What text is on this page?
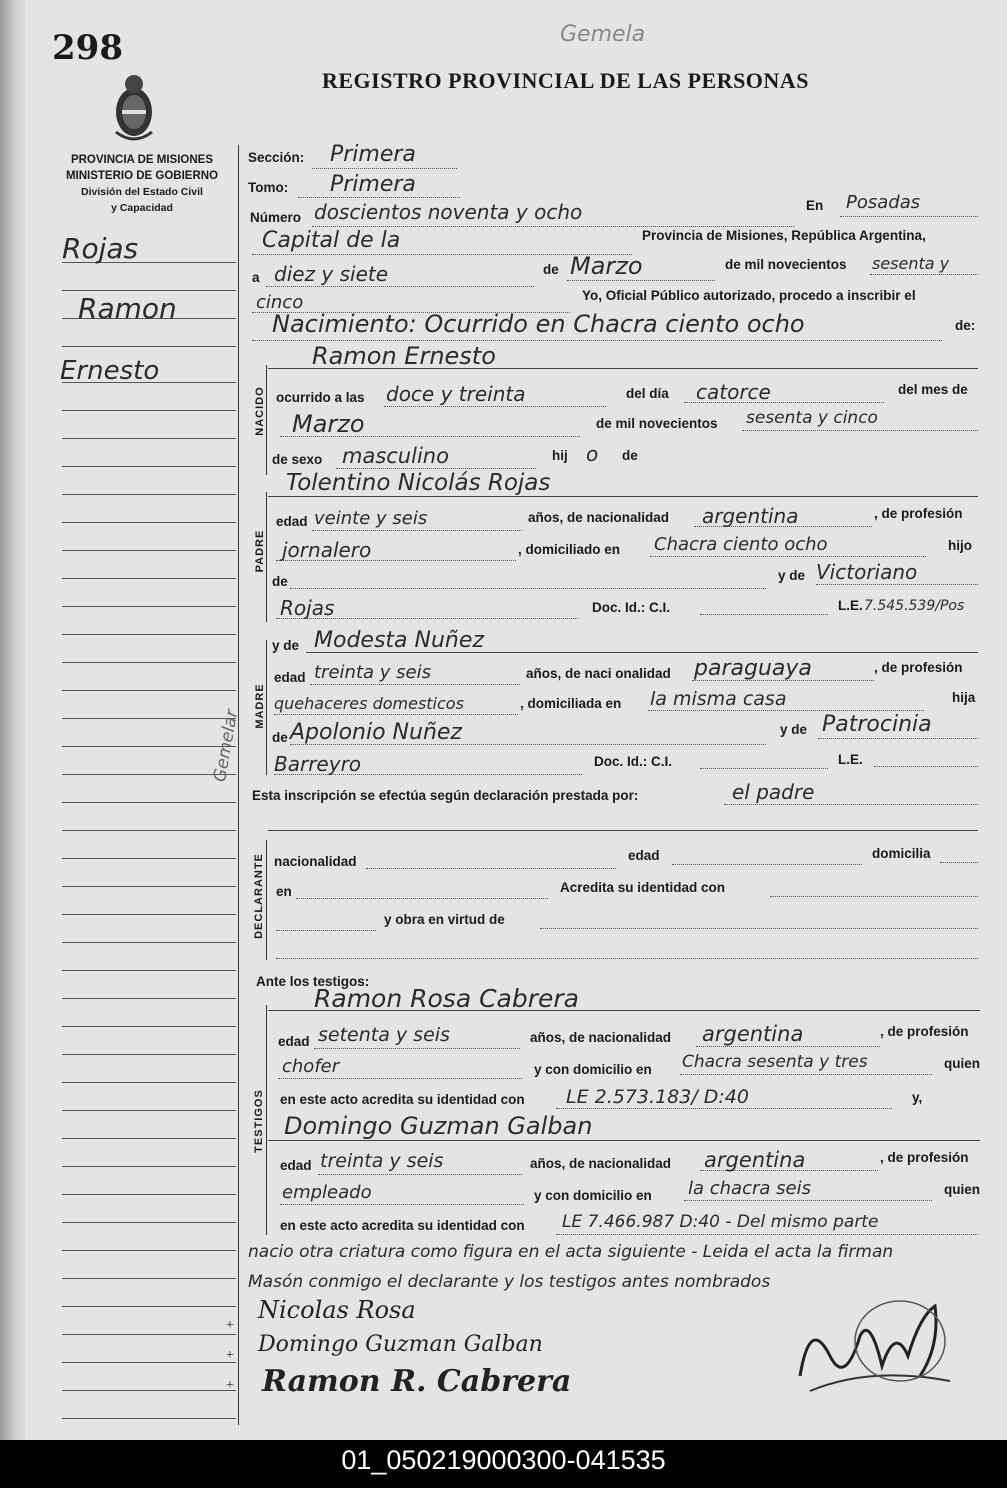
298	Gemela
REGISTRO PROVINCIAL DE LAS PERSONAS
PROVINCIA DE MISIONES
MINISTERIO DE GOBIERNO
División del Estado Civil
y Capacidad
NACIDO
PADRE
MADRE
DECLARANTE
TESTIGOS
Rojas
Ramon
Ernesto
Gemelar
Sección: Primera
Tomo: Primera
Número doscientos noventa y ocho	En Posadas
Capital de la	Provincia de Misiones, República Argentina,
a diez y siete	de Marzo	de mil novecientos sesenta y
cinco	Yo, Oficial Público autorizado, procedo a inscribir el
Nacimiento: Ocurrido en Chacra ciento ocho	de:
Ramon Ernesto
ocurrido a las doce y treinta	del día catorce	del mes de
Marzo	de mil novecientos sesenta y cinco
de sexo masculino	hij o de
Tolentino Nicolás Rojas
edad veinte y seis	años, de nacionalidad argentina	, de profesión
jornalero	, domiciliado en Chacra ciento ocho	hijo
de	y de Victoriano
Rojas	Doc. Id.: C.I.	L.E. 7.545.539/Pos
y de Modesta Nuñez
edad treinta y seis	años, de naci onalidad paraguaya	, de profesión
quehaceres domesticos	, domiciliada en la misma casa	hija
de Apolonio Nuñez	y de Patrocinia
Barreyro	Doc. Id.: C.I.	L.E.
Esta inscripción se efectúa según declaración prestada por:	el padre
nacionalidad	edad	domicilia
en	Acredita su identidad con
y obra en virtud de
Ante los testigos:
Ramon Rosa Cabrera
edad setenta y seis	años, de nacionalidad argentina	, de profesión
chofer	y con domicilio en Chacra sesenta y tres	quien
en este acto acredita su identidad con LE 2.573.183/ D:40	y,
Domingo Guzman Galban
edad treinta y seis	años, de nacionalidad argentina	, de profesión
empleado	y con domicilio en la chacra seis	quien
en este acto acredita su identidad con LE 7.466.987 D:40 - Del mismo parte
nacio otra criatura como figura en el acta siguiente - Leida el acta la firman
Masón conmigo el declarante y los testigos antes nombrados
Nicolas Rosa
Domingo Guzman Galban
Ramon R. Cabrera
+
+
+
01_050219000300-041535
